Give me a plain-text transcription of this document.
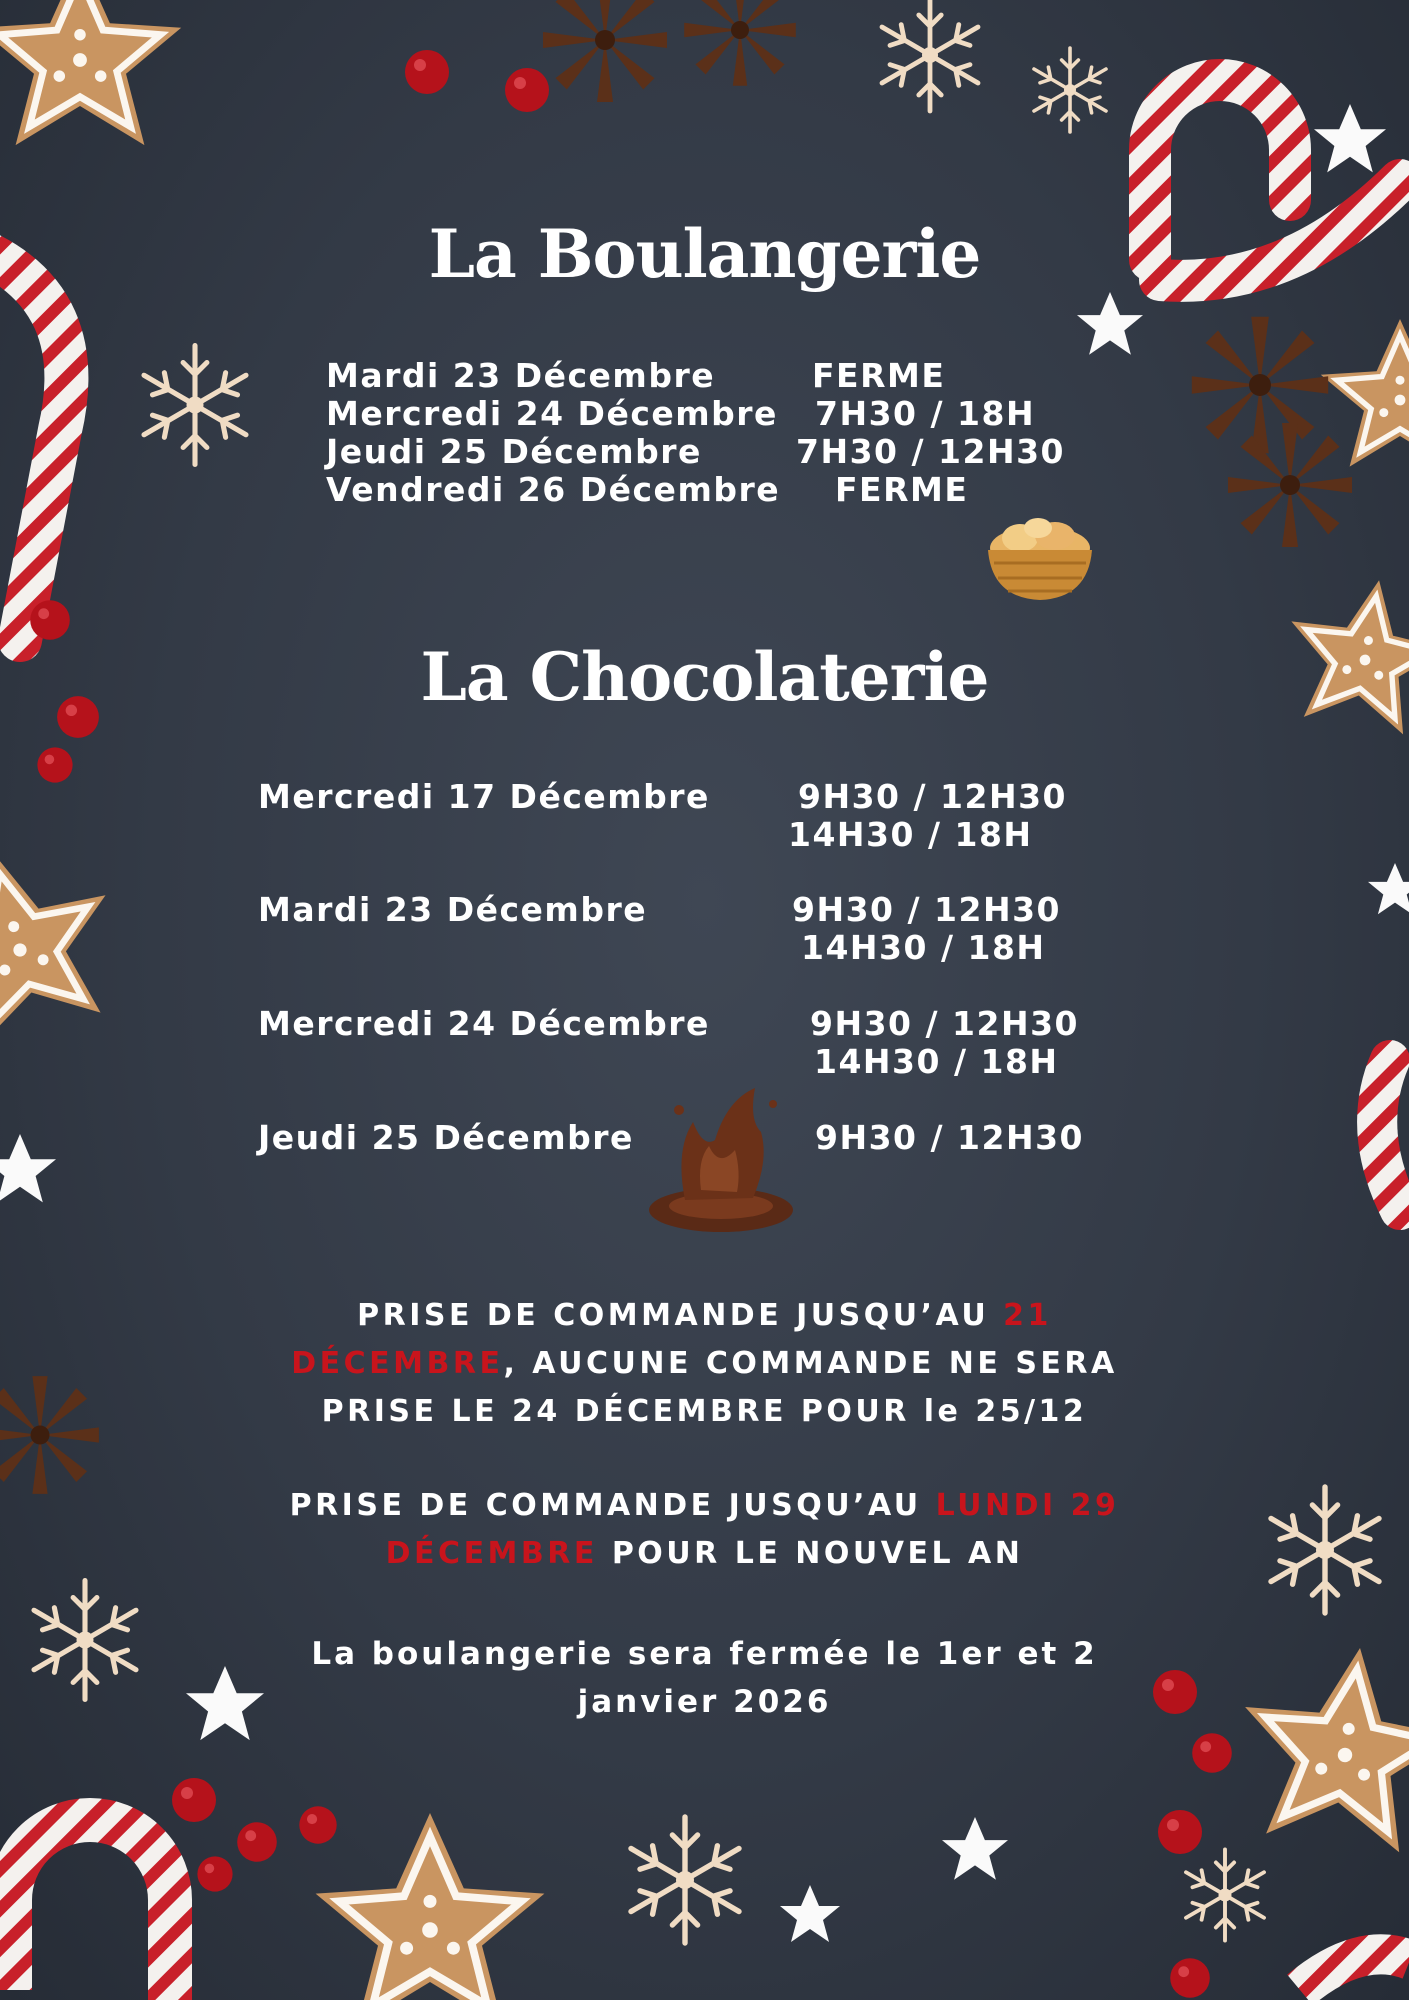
La Boulangerie
Mardi 23 Décembre	FERME
Mercredi 24 Décembre 7H30 / 18H
Jeudi 25 Décembre	7H30 / 12H30
Vendredi 26 Décembre FERME
La Chocolaterie
Mercredi 17 Décembre	9H30 / 12H30
14H30 / 18H
Mardi 23 Décembre	9H30 / 12H30
14H30 / 18H
Mercredi 24 Décembre	9H30 / 12H30
14H30 / 18H
Jeudi 25 Décembre	9H30 / 12H30
PRISE DE COMMANDE JUSQU’AU 21
DÉCEMBRE, AUCUNE COMMANDE NE SERA
PRISE LE 24 DÉCEMBRE POUR le 25/12
PRISE DE COMMANDE JUSQU’AU LUNDI 29
DÉCEMBRE POUR LE NOUVEL AN
La boulangerie sera fermée le 1er et 2
janvier 2026
